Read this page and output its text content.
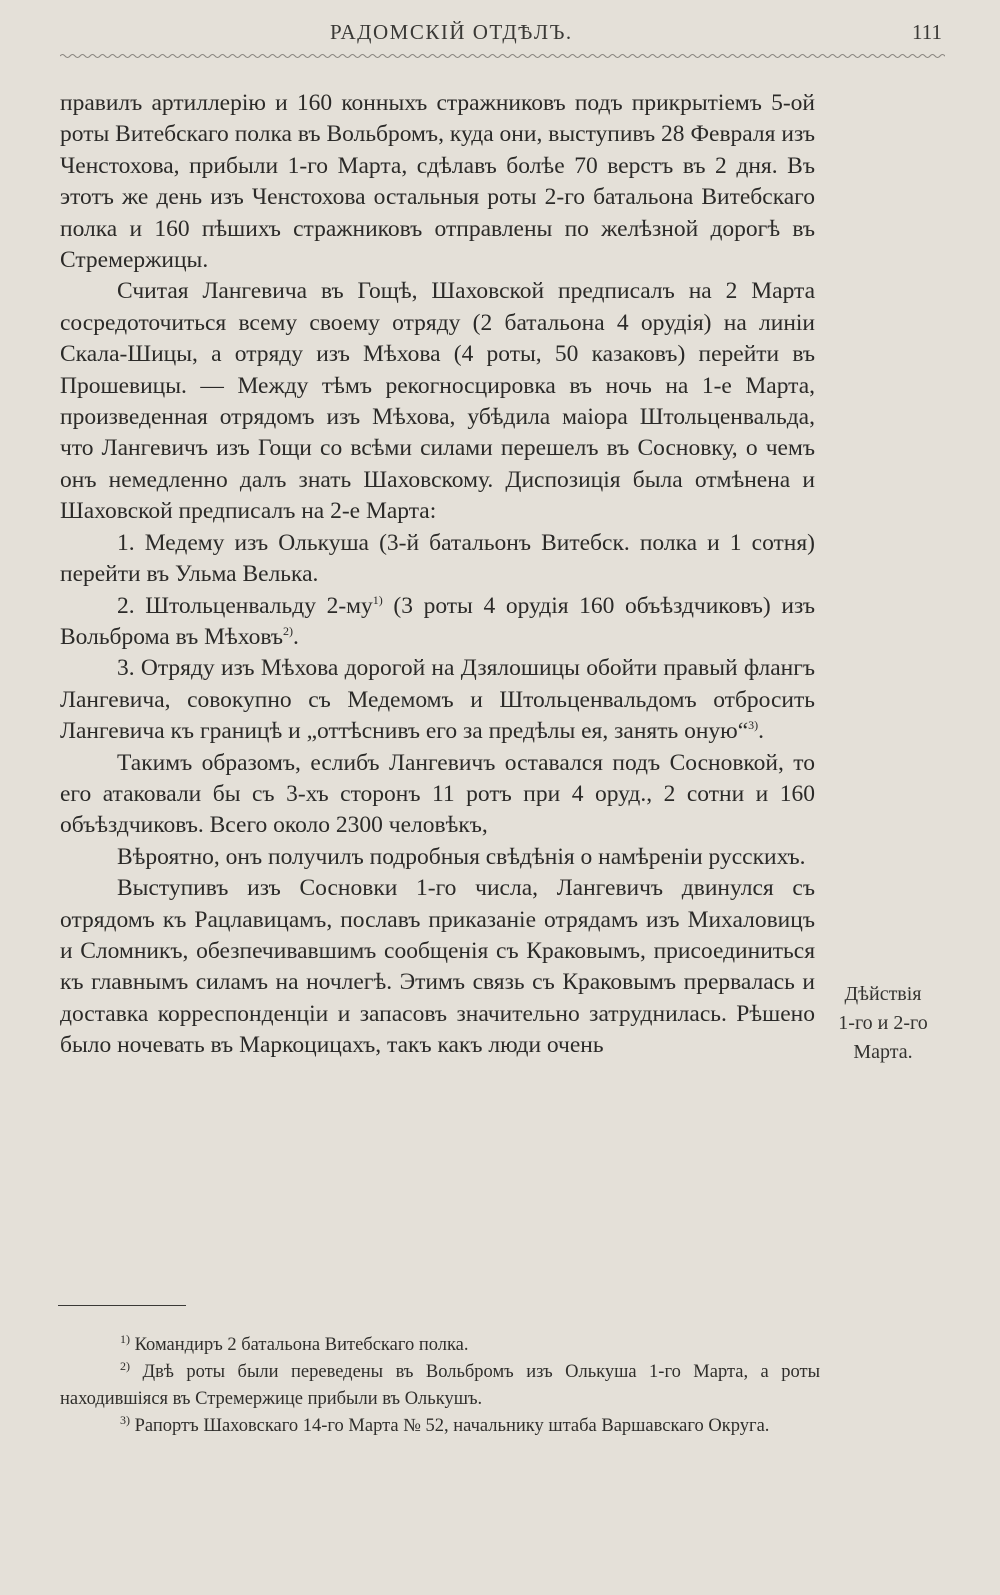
РАДОМСКІЙ ОТДѢЛЪ.	111

правилъ артиллерію и 160 конныхъ стражниковъ подъ прикрытіемъ 5-ой роты Витебскаго полка въ Вольбромъ, куда они, выступивъ 28 Февраля изъ Ченстохова, прибыли 1-го Марта, сдѣлавъ болѣе 70 верстъ въ 2 дня. Въ этотъ же день изъ Ченстохова остальныя роты 2-го батальона Витебскаго полка и 160 пѣшихъ стражниковъ отправлены по желѣзной дорогѣ въ Стремержицы.

Считая Лангевича въ Гощѣ, Шаховской предписалъ на 2 Марта сосредоточиться всему своему отряду (2 батальона 4 орудія) на линіи Скала-Шицы, а отряду изъ Мѣхова (4 роты, 50 казаковъ) перейти въ Прошевицы. — Между тѣмъ рекогносцировка въ ночь на 1-е Марта, произведенная отрядомъ изъ Мѣхова, убѣдила маіора Штольценвальда, что Лангевичъ изъ Гощи со всѣми силами перешелъ въ Сосновку, о чемъ онъ немедленно далъ знать Шаховскому. Диспозиція была отмѣнена и Шаховской предписалъ на 2-е Марта:

1. Медему изъ Олькуша (3-й батальонъ Витебск. полка и 1 сотня) перейти въ Ульма Велька.

2. Штольценвальду $2-му^{1)}$ (3 роты 4 орудія 160 объѣздчиковъ) изъ Вольброма въ Мѣховъ$^{2)}$.

3. Отряду изъ Мѣхова дорогой на Дзялошицы обойти правый флангъ Лангевича, совокупно съ Медемомъ и Штольценвальдомъ отбросить Лангевича къ границѣ и „оттѣснивъ его за предѣлы ея, занять оную“$^{3)}$.

Такимъ образомъ, еслибъ Лангевичъ оставался подъ Сосновкой, то его атаковали бы съ 3-хъ сторонъ 11 ротъ при 4 оруд., 2 сотни и 160 объѣздчиковъ. Всего около 2300 человѣкъ,

Вѣроятно, онъ получилъ подробныя свѣдѣнія о намѣреніи русскихъ.

Выступивъ изъ Сосновки 1-го числа, Лангевичъ двинулся съ отрядомъ къ Рацлавицамъ, пославъ приказаніе отрядамъ изъ Михаловицъ и Сломникъ, обезпечивавшимъ сообщенія съ Краковымъ, присоединиться къ главнымъ силамъ на ночлегѣ. Этимъ связь съ Краковымъ прервалась и доставка корреспонденціи и запасовъ значительно затруднилась. Рѣшено было ночевать въ Маркоцицахъ, такъ какъ люди очень

Дѣйствія
1-го и 2-го
Марта.

$^{1)}$ Командиръ 2 батальона Витебскаго полка.

$^{2)}$ Двѣ роты были переведены въ Вольбромъ изъ Олькуша 1-го Марта, а роты находившіяся въ Стремержице прибыли въ Олькушъ.

$^{3)}$ Рапортъ Шаховскаго 14-го Марта № 52, начальнику штаба Варшавскаго Округа.
